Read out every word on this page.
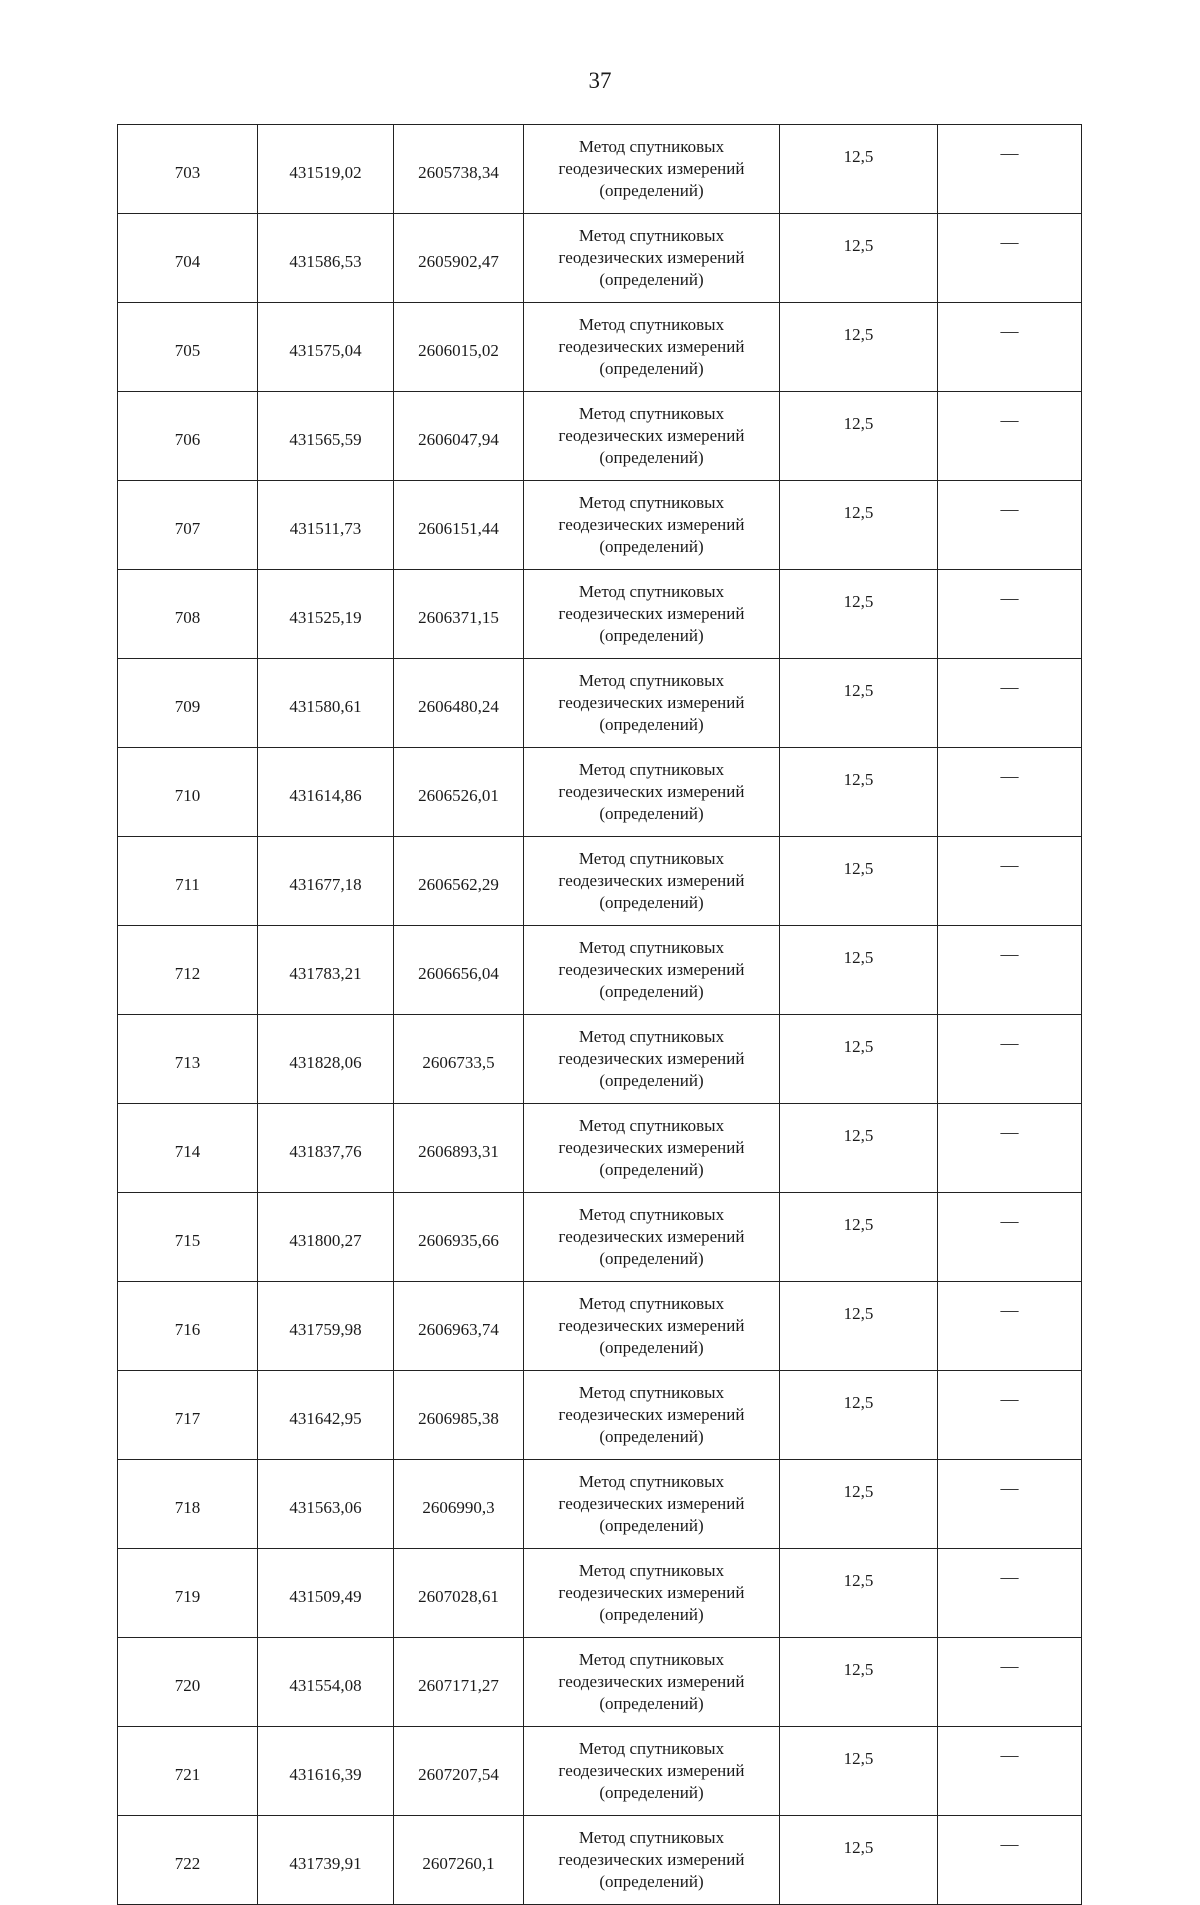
37
703	431519,02	2605738,34	Метод спутниковых
геодезических измерений
(определений)	12,5	—
704	431586,53	2605902,47	Метод спутниковых
геодезических измерений
(определений)	12,5	—
705	431575,04	2606015,02	Метод спутниковых
геодезических измерений
(определений)	12,5	—
706	431565,59	2606047,94	Метод спутниковых
геодезических измерений
(определений)	12,5	—
707	431511,73	2606151,44	Метод спутниковых
геодезических измерений
(определений)	12,5	—
708	431525,19	2606371,15	Метод спутниковых
геодезических измерений
(определений)	12,5	—
709	431580,61	2606480,24	Метод спутниковых
геодезических измерений
(определений)	12,5	—
710	431614,86	2606526,01	Метод спутниковых
геодезических измерений
(определений)	12,5	—
711	431677,18	2606562,29	Метод спутниковых
геодезических измерений
(определений)	12,5	—
712	431783,21	2606656,04	Метод спутниковых
геодезических измерений
(определений)	12,5	—
713	431828,06	2606733,5	Метод спутниковых
геодезических измерений
(определений)	12,5	—
714	431837,76	2606893,31	Метод спутниковых
геодезических измерений
(определений)	12,5	—
715	431800,27	2606935,66	Метод спутниковых
геодезических измерений
(определений)	12,5	—
716	431759,98	2606963,74	Метод спутниковых
геодезических измерений
(определений)	12,5	—
717	431642,95	2606985,38	Метод спутниковых
геодезических измерений
(определений)	12,5	—
718	431563,06	2606990,3	Метод спутниковых
геодезических измерений
(определений)	12,5	—
719	431509,49	2607028,61	Метод спутниковых
геодезических измерений
(определений)	12,5	—
720	431554,08	2607171,27	Метод спутниковых
геодезических измерений
(определений)	12,5	—
721	431616,39	2607207,54	Метод спутниковых
геодезических измерений
(определений)	12,5	—
722	431739,91	2607260,1	Метод спутниковых
геодезических измерений
(определений)	12,5	—
